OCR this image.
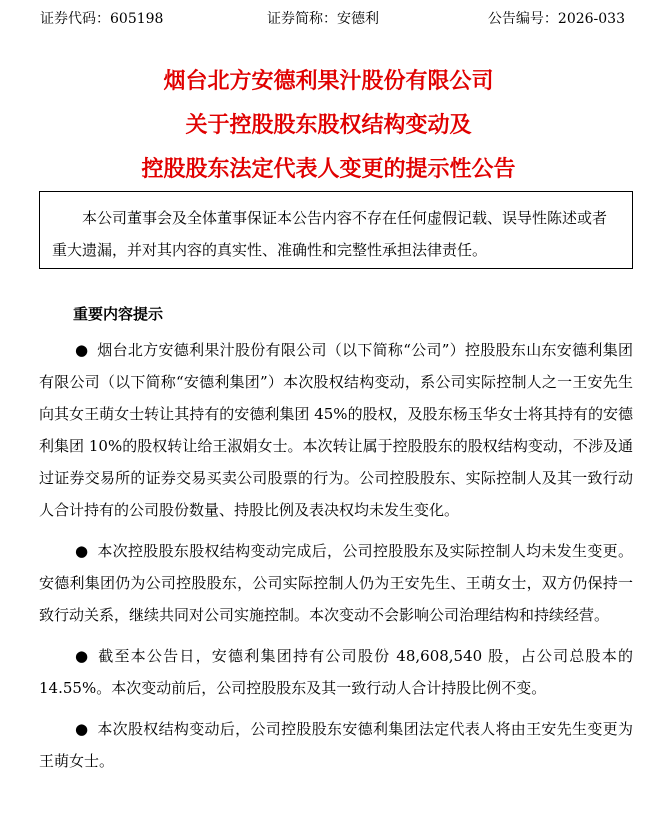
证券代码：605198	证券简称：安德利	公告编号：2026-033
烟台北方安德利果汁股份有限公司
关于控股股东股权结构变动及
控股股东法定代表人变更的提示性公告
本公司董事会及全体董事保证本公告内容不存在任何虚假记载、误导性陈述或者重大遗漏，并对其内容的真实性、准确性和完整性承担法律责任。
重要内容提示

● 烟台北方安德利果汁股份有限公司（以下简称“公司”）控股股东山东安德利集团有限公司（以下简称“安德利集团”）本次股权结构变动，系公司实际控制人之一王安先生向其女王萌女士转让其持有的安德利集团 45%的股权，及股东杨玉华女士将其持有的安德利集团 10%的股权转让给王淑娟女士。本次转让属于控股股东的股权结构变动，不涉及通过证券交易所的证券交易买卖公司股票的行为。公司控股股东、实际控制人及其一致行动人合计持有的公司股份数量、持股比例及表决权均未发生变化。

● 本次控股股东股权结构变动完成后，公司控股股东及实际控制人均未发生变更。安德利集团仍为公司控股股东，公司实际控制人仍为王安先生、王萌女士，双方仍保持一致行动关系，继续共同对公司实施控制。本次变动不会影响公司治理结构和持续经营。

● 截至本公告日，安德利集团持有公司股份 48,608,540 股，占公司总股本的 14.55%。本次变动前后，公司控股股东及其一致行动人合计持股比例不变。

● 本次股权结构变动后，公司控股股东安德利集团法定代表人将由王安先生变更为王萌女士。
